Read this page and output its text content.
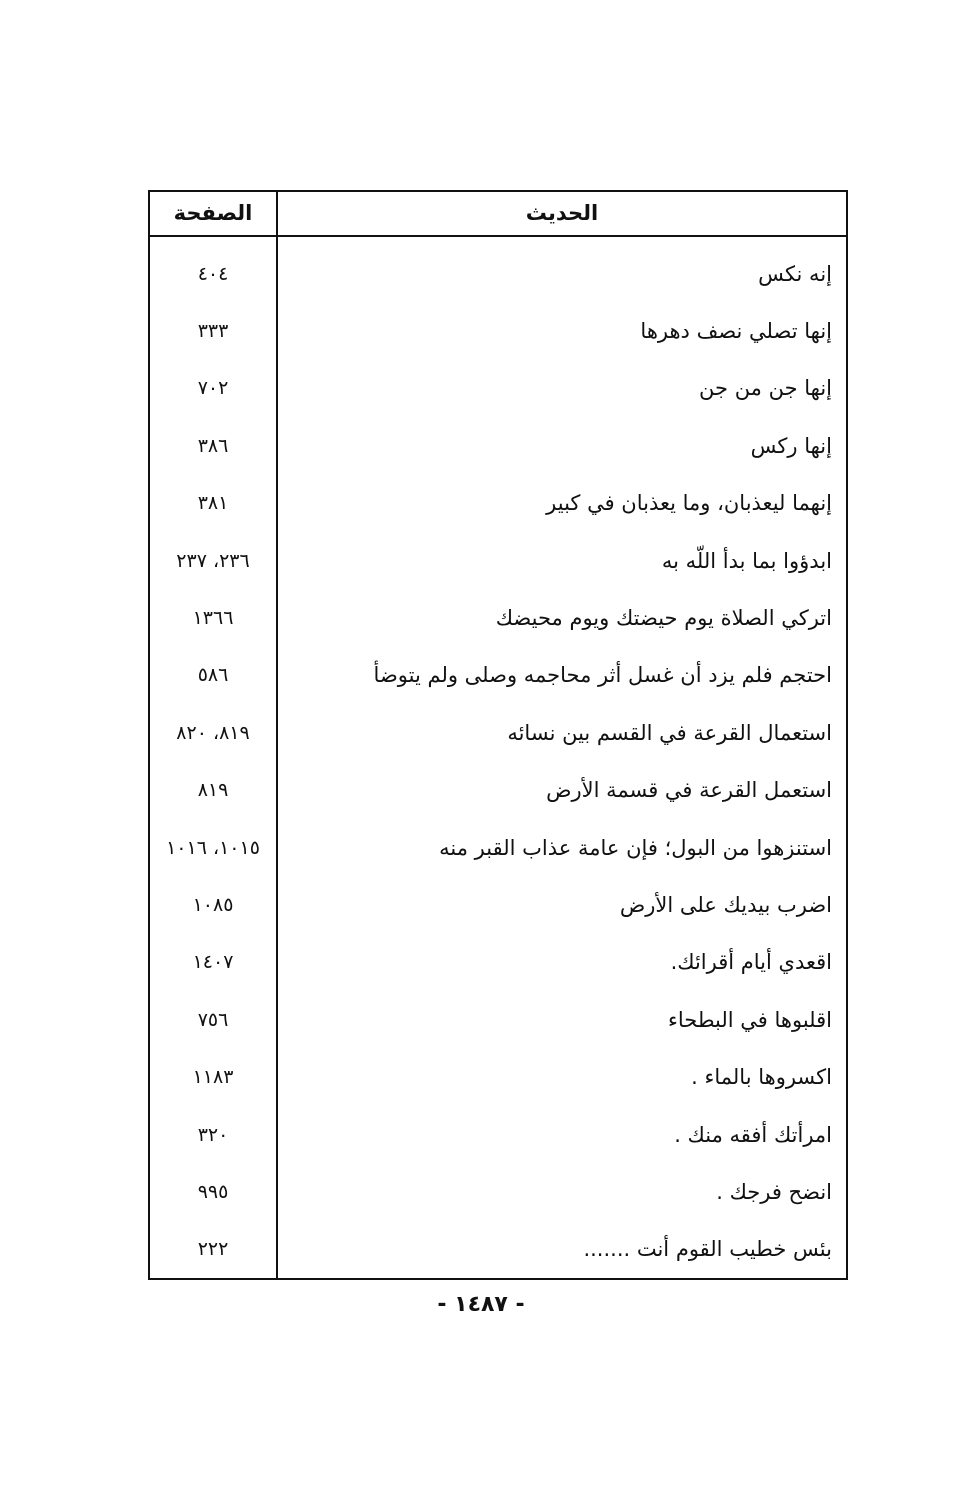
الصفحة
٤٠٤
٣٣٣
٧٠٢
٣٨٦
٣٨١
٢٣٦، ٢٣٧
١٣٦٦
٥٨٦
٨١٩، ٨٢٠
٨١٩
١٠١٥، ١٠١٦
١٠٨٥
١٤٠٧
٧٥٦
١١٨٣
٣٢٠
٩٩٥
٢٢٢
الحديث
إنه نكس
إنها تصلي نصف دهرها
إنها جن من جن
إنها ركس
إنهما ليعذبان، وما يعذبان في كبير
ابدؤوا بما بدأ اللّه به
اتركي الصلاة يوم حيضتك ويوم محيضك
احتجم فلم يزد أن غسل أثر محاجمه وصلى ولم يتوضأ
استعمال القرعة في القسم بين نسائه
استعمل القرعة في قسمة الأرض
استنزهوا من البول؛ فإن عامة عذاب القبر منه
اضرب بيديك على الأرض
اقعدي أيام أقرائك.
اقلبوها في البطحاء
اكسروها بالماء .
امرأتك أفقه منك .
انضح فرجك .
بئس خطيب القوم أنت .......
- ١٤٨٧ -
